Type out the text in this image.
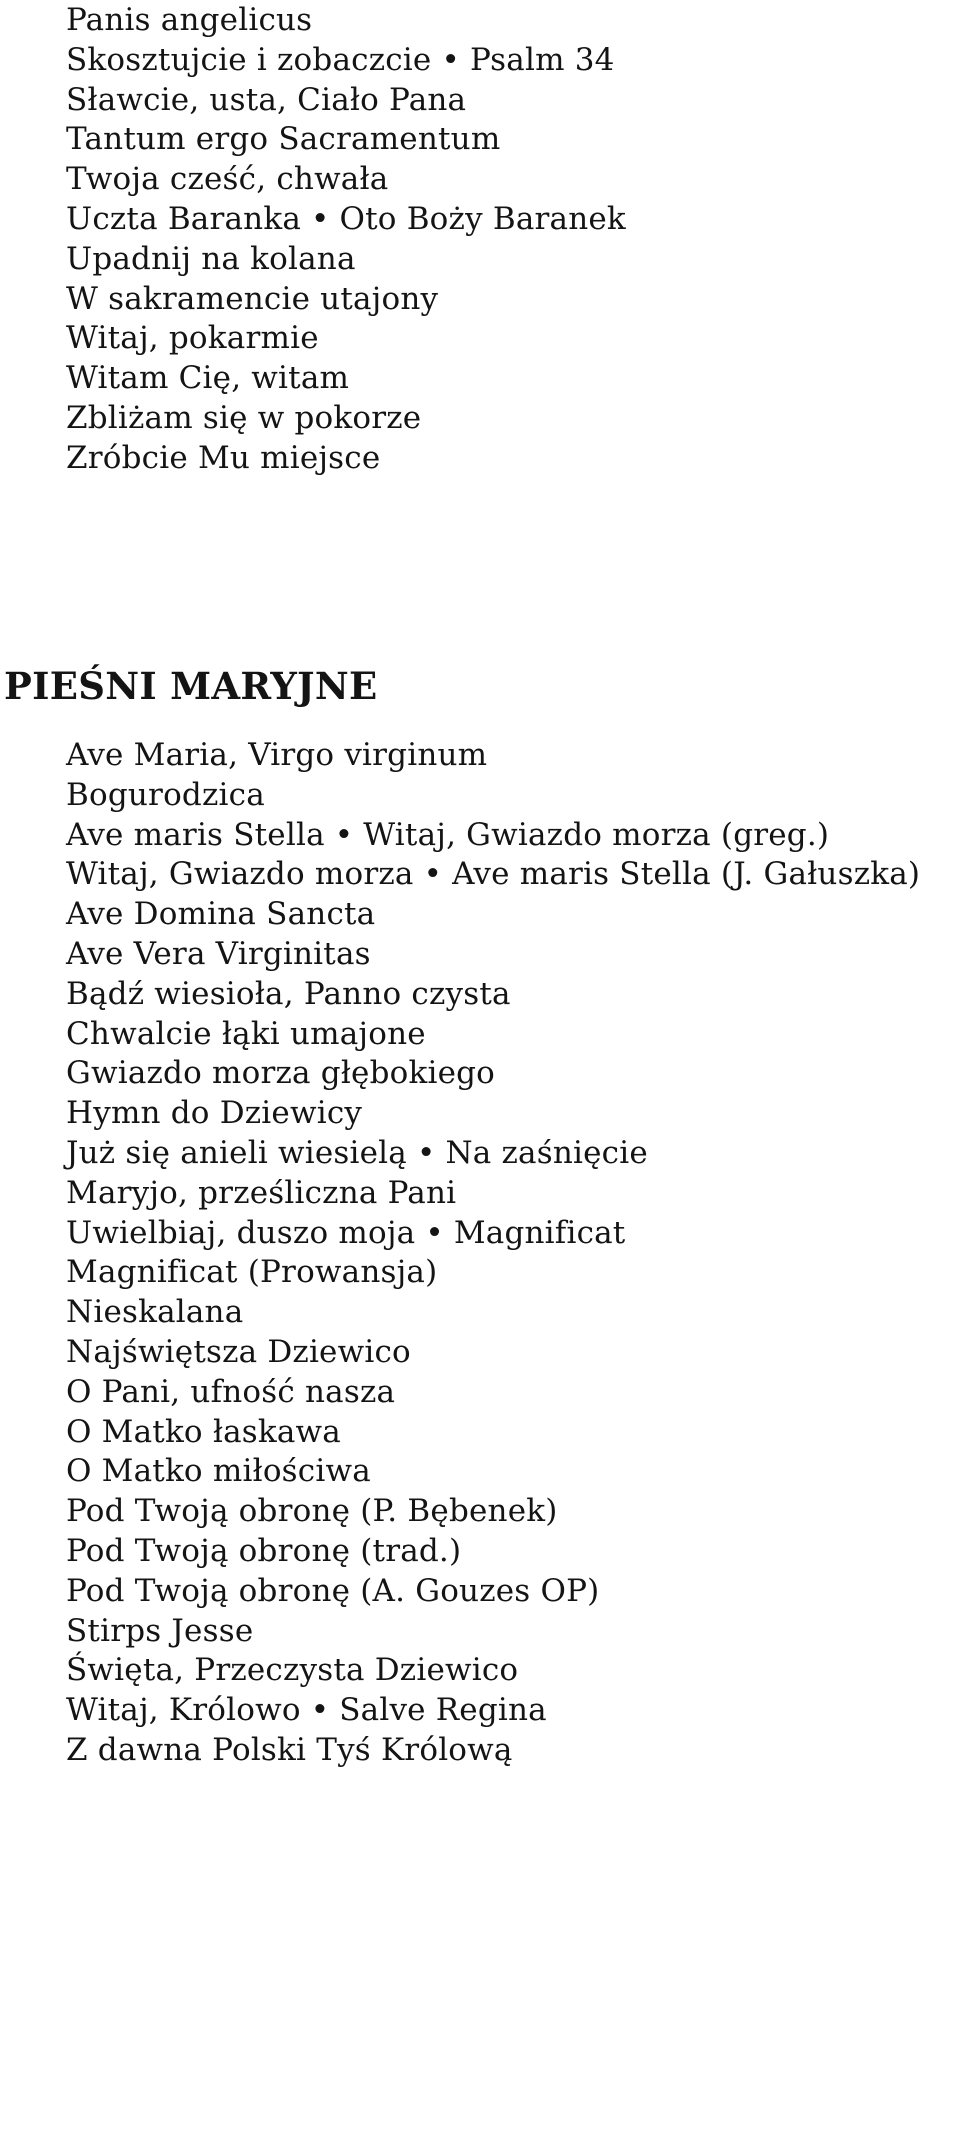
Panis angelicus
Skosztujcie i zobaczcie • Psalm 34
Sławcie, usta, Ciało Pana
Tantum ergo Sacramentum
Twoja cześć, chwała
Uczta Baranka • Oto Boży Baranek
Upadnij na kolana
W sakramencie utajony
Witaj, pokarmie
Witam Cię, witam
Zbliżam się w pokorze
Zróbcie Mu miejsce
PIEŚNI MARYJNE
Ave Maria, Virgo virginum
Bogurodzica
Ave maris Stella • Witaj, Gwiazdo morza (greg.)
Witaj, Gwiazdo morza • Ave maris Stella (J. Gałuszka)
Ave Domina Sancta
Ave Vera Virginitas
Bądź wiesioła, Panno czysta
Chwalcie łąki umajone
Gwiazdo morza głębokiego
Hymn do Dziewicy
Już się anieli wiesielą • Na zaśnięcie
Maryjo, prześliczna Pani
Uwielbiaj, duszo moja • Magnificat
Magnificat (Prowansja)
Nieskalana
Najświętsza Dziewico
O Pani, ufność nasza
O Matko łaskawa
O Matko miłościwa
Pod Twoją obronę (P. Bębenek)
Pod Twoją obronę (trad.)
Pod Twoją obronę (A. Gouzes OP)
Stirps Jesse
Święta, Przeczysta Dziewico
Witaj, Królowo • Salve Regina
Z dawna Polski Tyś Królową
